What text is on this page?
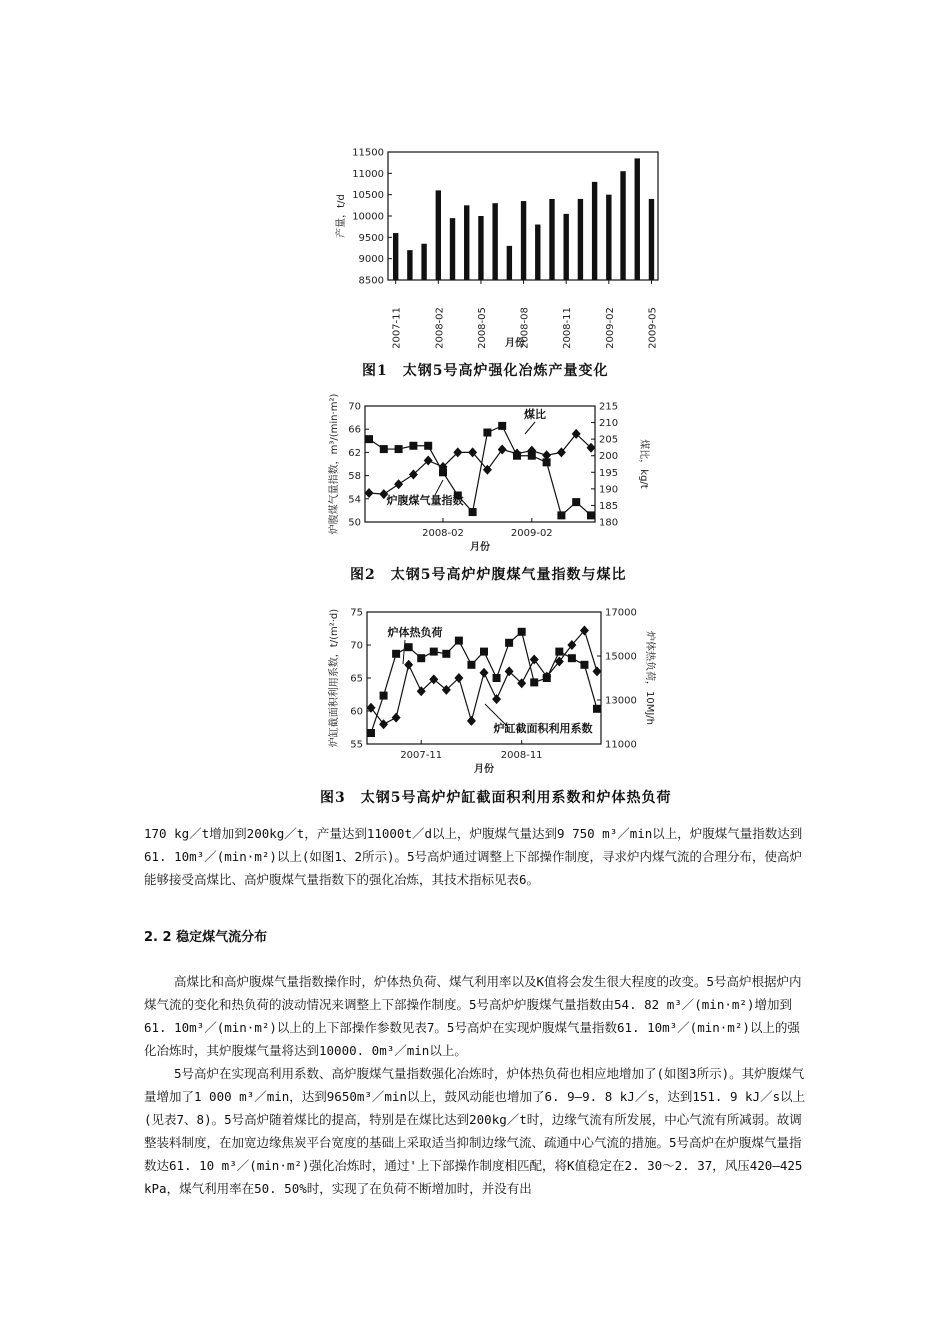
11500
11000
10500
10000
9500
9000
8500
产量，t/d
2007-11	2008-02	2008-05	2008-08	2008-11	2009-02	2009-05
月份
图1　太钢5号高炉强化冶炼产量变化
70
66
62
58
54
50
215
210
205
200
195
190
185
180
炉腹煤气量指数，m³/(min·m²)	煤比，kg/t
2008-02	2009-02
月份
煤比
炉腹煤气量指数
图2　太钢5号高炉炉腹煤气量指数与煤比
75
70
65
60
55
17000
15000
13000
11000
炉缸截面积利用系数，t/(m²·d)	炉体热负荷，10MJ/h
2007-11	2008-11
月份
炉体热负荷
炉缸截面积利用系数
图3　太钢5号高炉炉缸截面积利用系数和炉体热负荷

170 kg／t增加到200kg／t，产量达到11000t／d以上，炉腹煤气量达到9 750 m³／min以上，炉腹煤气量指数达到61. 10m³／(min·m²)以上(如图1、2所示)。5号高炉通过调整上下部操作制度，寻求炉内煤气流的合理分布，使高炉能够接受高煤比、高炉腹煤气量指数下的强化冶炼，其技术指标见表6。

2. 2 稳定煤气流分布

高煤比和高炉腹煤气量指数操作时，炉体热负荷、煤气利用率以及K值将会发生很大程度的改变。5号高炉根据炉内煤气流的变化和热负荷的波动情况来调整上下部操作制度。5号高炉炉腹煤气量指数由54. 82 m³／(min·m²)增加到61. 10m³／(min·m²)以上的上下部操作参数见表7。5号高炉在实现炉腹煤气量指数61. 10m³／(min·m²)以上的强化冶炼时，其炉腹煤气量将达到10000. 0m³／min以上。

5号高炉在实现高利用系数、高炉腹煤气量指数强化冶炼时，炉体热负荷也相应地增加了(如图3所示)。其炉腹煤气量增加了1 000 m³／min，达到9650m³／min以上，鼓风动能也增加了6. 9—9. 8 kJ／s，达到151. 9 kJ／s以上(见表7、8)。5号高炉随着煤比的提高，特别是在煤比达到200kg／t时，边缘气流有所发展，中心气流有所减弱。故调整装料制度，在加宽边缘焦炭平台宽度的基础上采取适当抑制边缘气流、疏通中心气流的措施。5号高炉在炉腹煤气量指数达61. 10 m³／(min·m²)强化冶炼时，通过'上下部操作制度相匹配，将K值稳定在2. 30～2. 37，风压420—425 kPa，煤气利用率在50. 50%时，实现了在负荷不断增加时，并没有出
